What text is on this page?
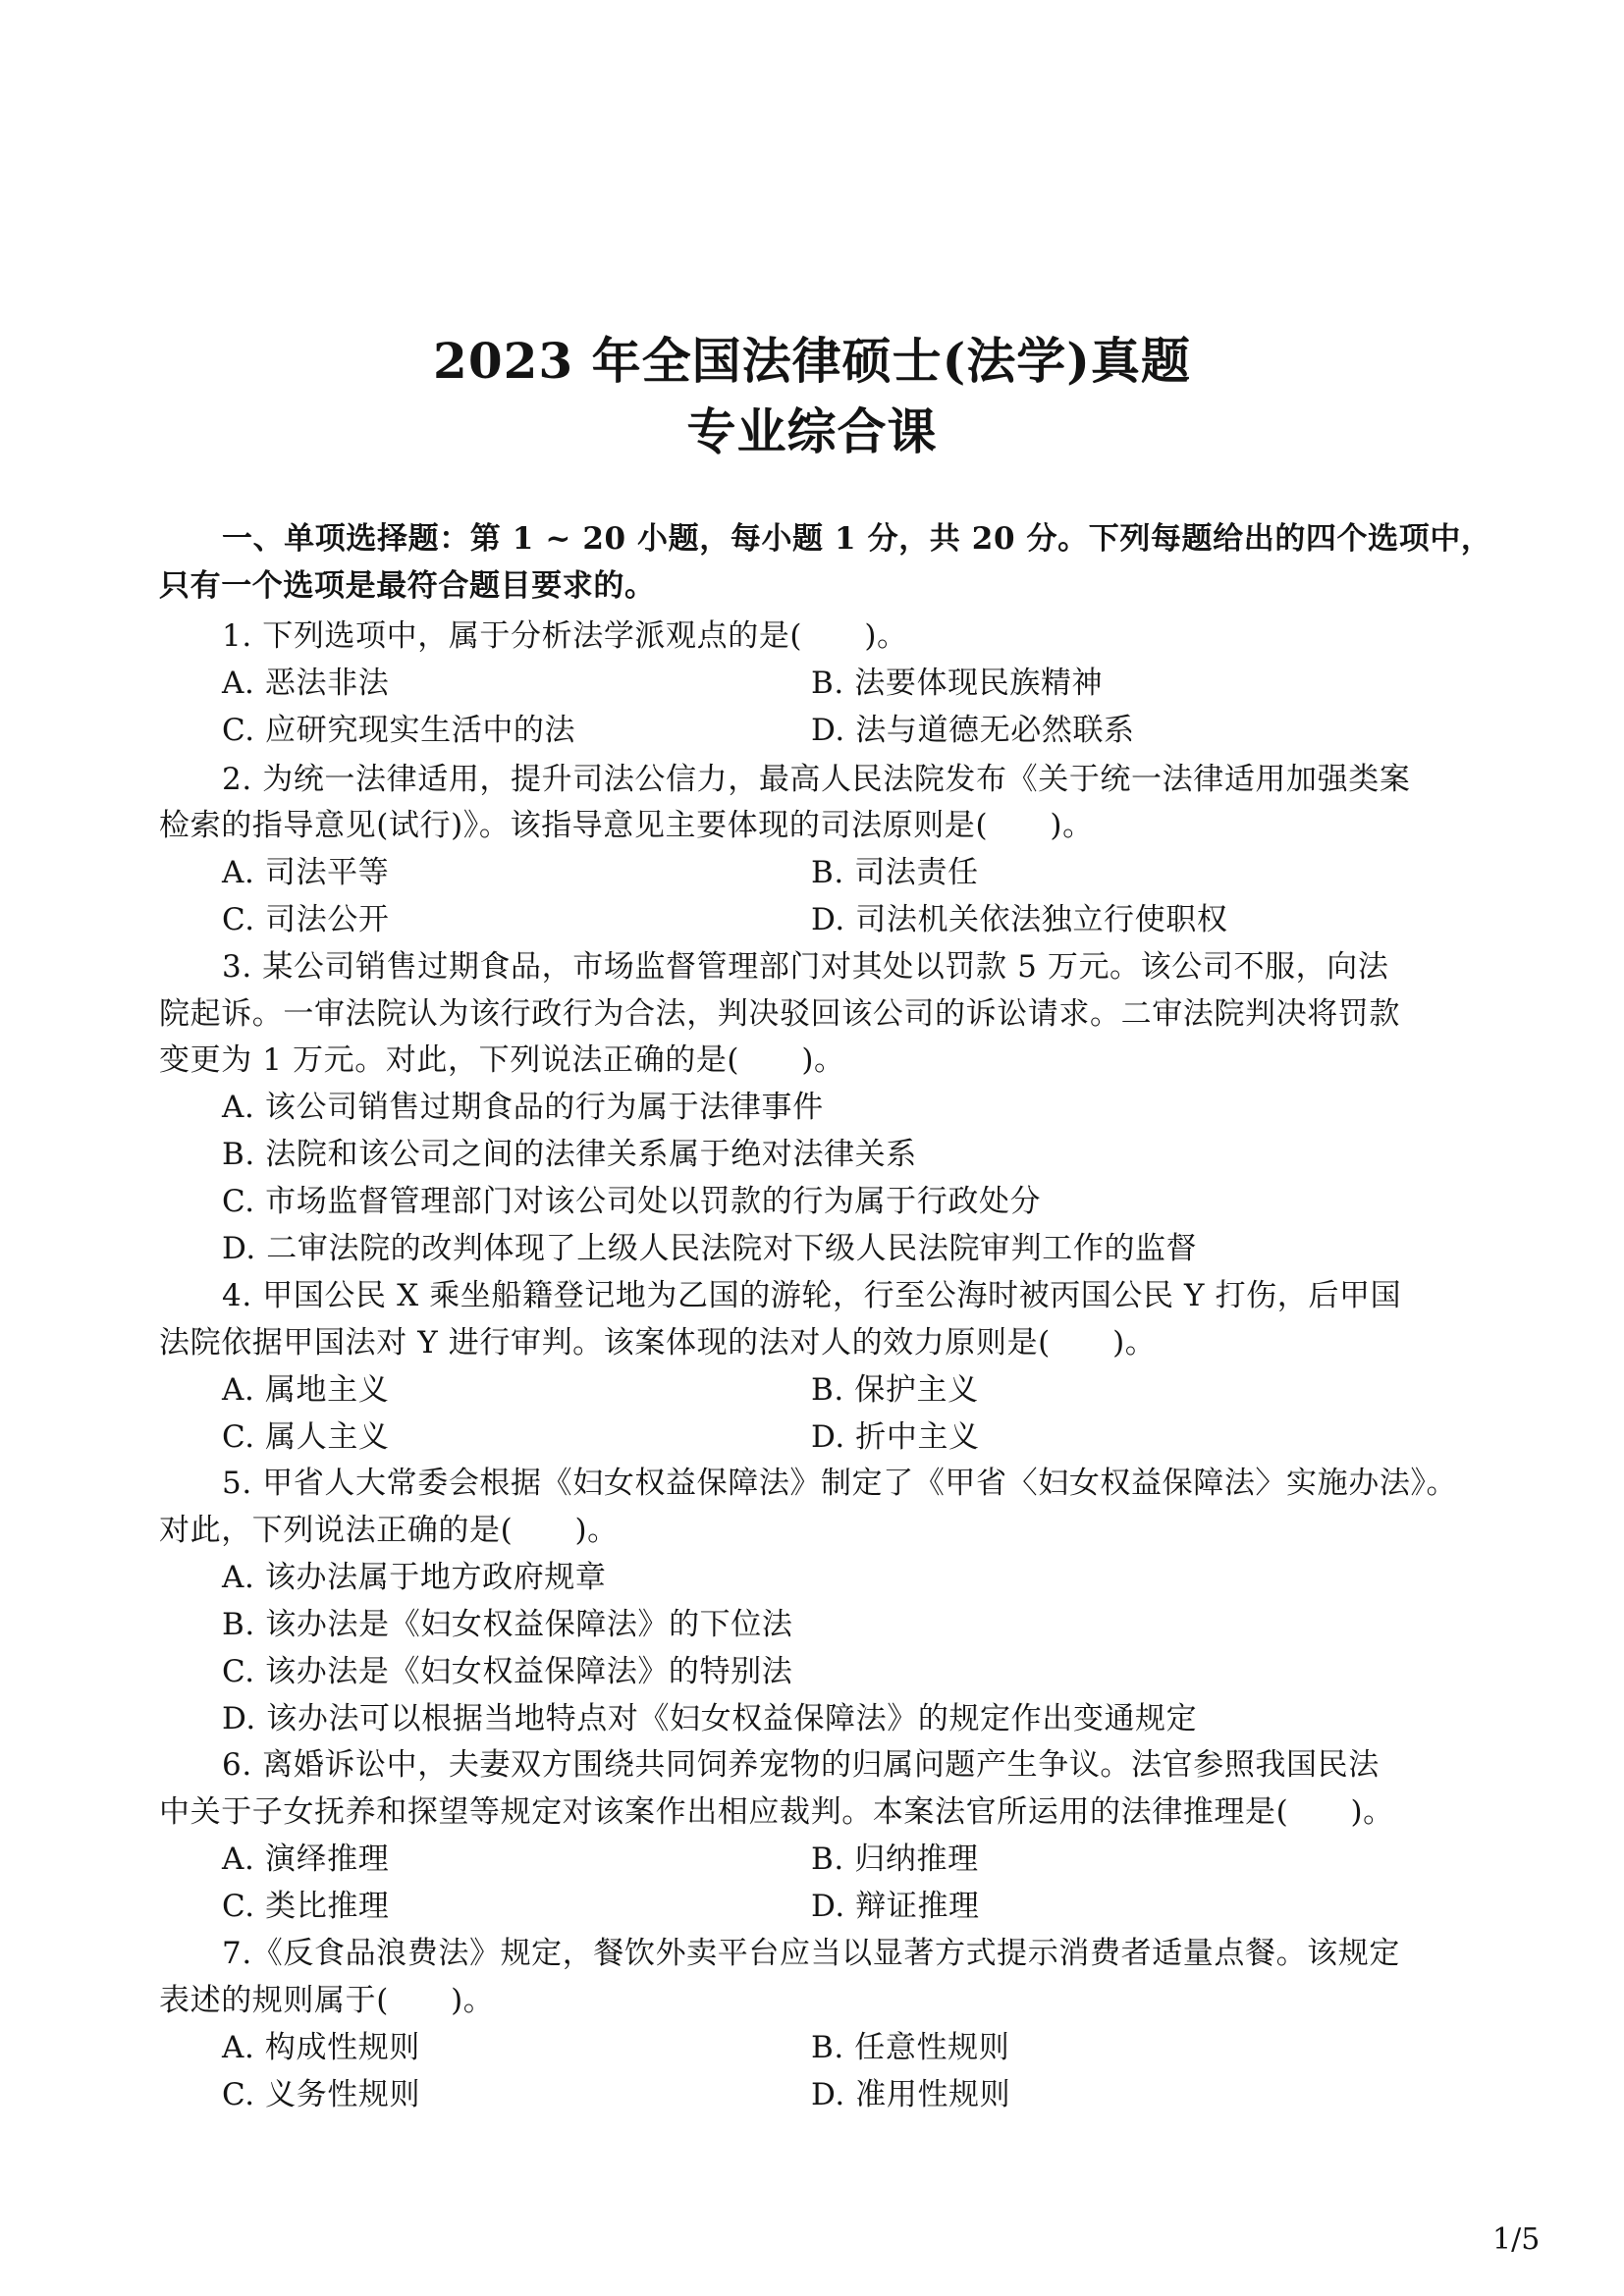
2023 年全国法律硕士(法学)真题
专业综合课
一、单项选择题：第 1 ~ 20 小题，每小题 1 分，共 20 分。下列每题给出的四个选项中，
只有一个选项是最符合题目要求的。
1. 下列选项中，属于分析法学派观点的是(　　)。
A. 恶法非法	B. 法要体现民族精神
C. 应研究现实生活中的法	D. 法与道德无必然联系
2. 为统一法律适用，提升司法公信力，最高人民法院发布《关于统一法律适用加强类案
检索的指导意见(试行)》。该指导意见主要体现的司法原则是(　　)。
A. 司法平等	B. 司法责任
C. 司法公开	D. 司法机关依法独立行使职权
3. 某公司销售过期食品，市场监督管理部门对其处以罚款 5 万元。该公司不服，向法
院起诉。一审法院认为该行政行为合法，判决驳回该公司的诉讼请求。二审法院判决将罚款
变更为 1 万元。对此，下列说法正确的是(　　)。
A. 该公司销售过期食品的行为属于法律事件
B. 法院和该公司之间的法律关系属于绝对法律关系
C. 市场监督管理部门对该公司处以罚款的行为属于行政处分
D. 二审法院的改判体现了上级人民法院对下级人民法院审判工作的监督
4. 甲国公民 X 乘坐船籍登记地为乙国的游轮，行至公海时被丙国公民 Y 打伤，后甲国
法院依据甲国法对 Y 进行审判。该案体现的法对人的效力原则是(　　)。
A. 属地主义	B. 保护主义
C. 属人主义	D. 折中主义
5. 甲省人大常委会根据《妇女权益保障法》制定了《甲省〈妇女权益保障法〉实施办法》。
对此，下列说法正确的是(　　)。
A. 该办法属于地方政府规章
B. 该办法是《妇女权益保障法》的下位法
C. 该办法是《妇女权益保障法》的特别法
D. 该办法可以根据当地特点对《妇女权益保障法》的规定作出变通规定
6. 离婚诉讼中，夫妻双方围绕共同饲养宠物的归属问题产生争议。法官参照我国民法
中关于子女抚养和探望等规定对该案作出相应裁判。本案法官所运用的法律推理是(　　)。
A. 演绎推理	B. 归纳推理
C. 类比推理	D. 辩证推理
7.《反食品浪费法》规定，餐饮外卖平台应当以显著方式提示消费者适量点餐。该规定
表述的规则属于(　　)。
A. 构成性规则	B. 任意性规则
C. 义务性规则	D. 准用性规则
1/5
